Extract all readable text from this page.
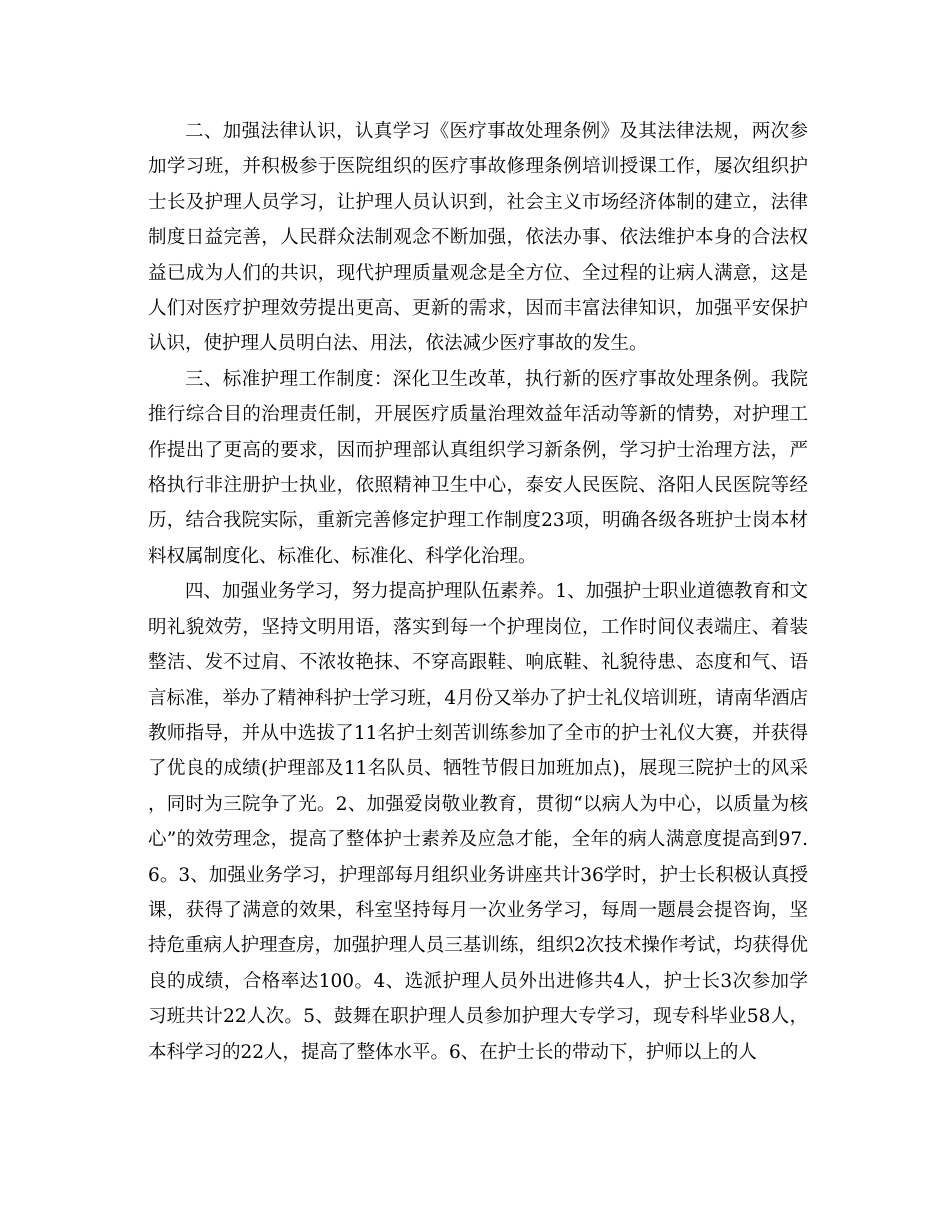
二、加强法律认识，认真学习《医疗事故处理条例》及其法律法规，两次参加学习班，并积极参于医院组织的医疗事故修理条例培训授课工作，屡次组织护士长及护理人员学习，让护理人员认识到，社会主义市场经济体制的建立，法律制度日益完善，人民群众法制观念不断加强，依法办事、依法维护本身的合法权益已成为人们的共识，现代护理质量观念是全方位、全过程的让病人满意，这是人们对医疗护理效劳提出更高、更新的需求，因而丰富法律知识，加强平安保护认识，使护理人员明白法、用法，依法减少医疗事故的发生。

三、标准护理工作制度：深化卫生改革，执行新的医疗事故处理条例。我院推行综合目的治理责任制，开展医疗质量治理效益年活动等新的情势，对护理工作提出了更高的要求，因而护理部认真组织学习新条例，学习护士治理方法，严格执行非注册护士执业，依照精神卫生中心，泰安人民医院、洛阳人民医院等经历，结合我院实际，重新完善修定护理工作制度23项，明确各级各班护士岗本材料权属制度化、标准化、标准化、科学化治理。

四、加强业务学习，努力提高护理队伍素养。1、加强护士职业道德教育和文明礼貌效劳，坚持文明用语，落实到每一个护理岗位，工作时间仪表端庄、着装整洁、发不过肩、不浓妆艳抹、不穿高跟鞋、响底鞋、礼貌待患、态度和气、语言标准，举办了精神科护士学习班，4月份又举办了护士礼仪培训班，请南华酒店教师指导，并从中选拔了11名护士刻苦训练参加了全市的护士礼仪大赛，并获得了优良的成绩(护理部及11名队员、牺牲节假日加班加点)，展现三院护士的风采，同时为三院争了光。2、加强爱岗敬业教育，贯彻“以病人为中心，以质量为核心”的效劳理念，提高了整体护士素养及应急才能，全年的病人满意度提高到97.6。3、加强业务学习，护理部每月组织业务讲座共计36学时，护士长积极认真授课，获得了满意的效果，科室坚持每月一次业务学习，每周一题晨会提咨询，坚持危重病人护理查房，加强护理人员三基训练，组织2次技术操作考试，均获得优良的成绩，合格率达100。4、选派护理人员外出进修共4人，护士长3次参加学习班共计22人次。5、鼓舞在职护理人员参加护理大专学习，现专科毕业58人，本科学习的22人，提高了整体水平。6、在护士长的带动下，护师以上的人
